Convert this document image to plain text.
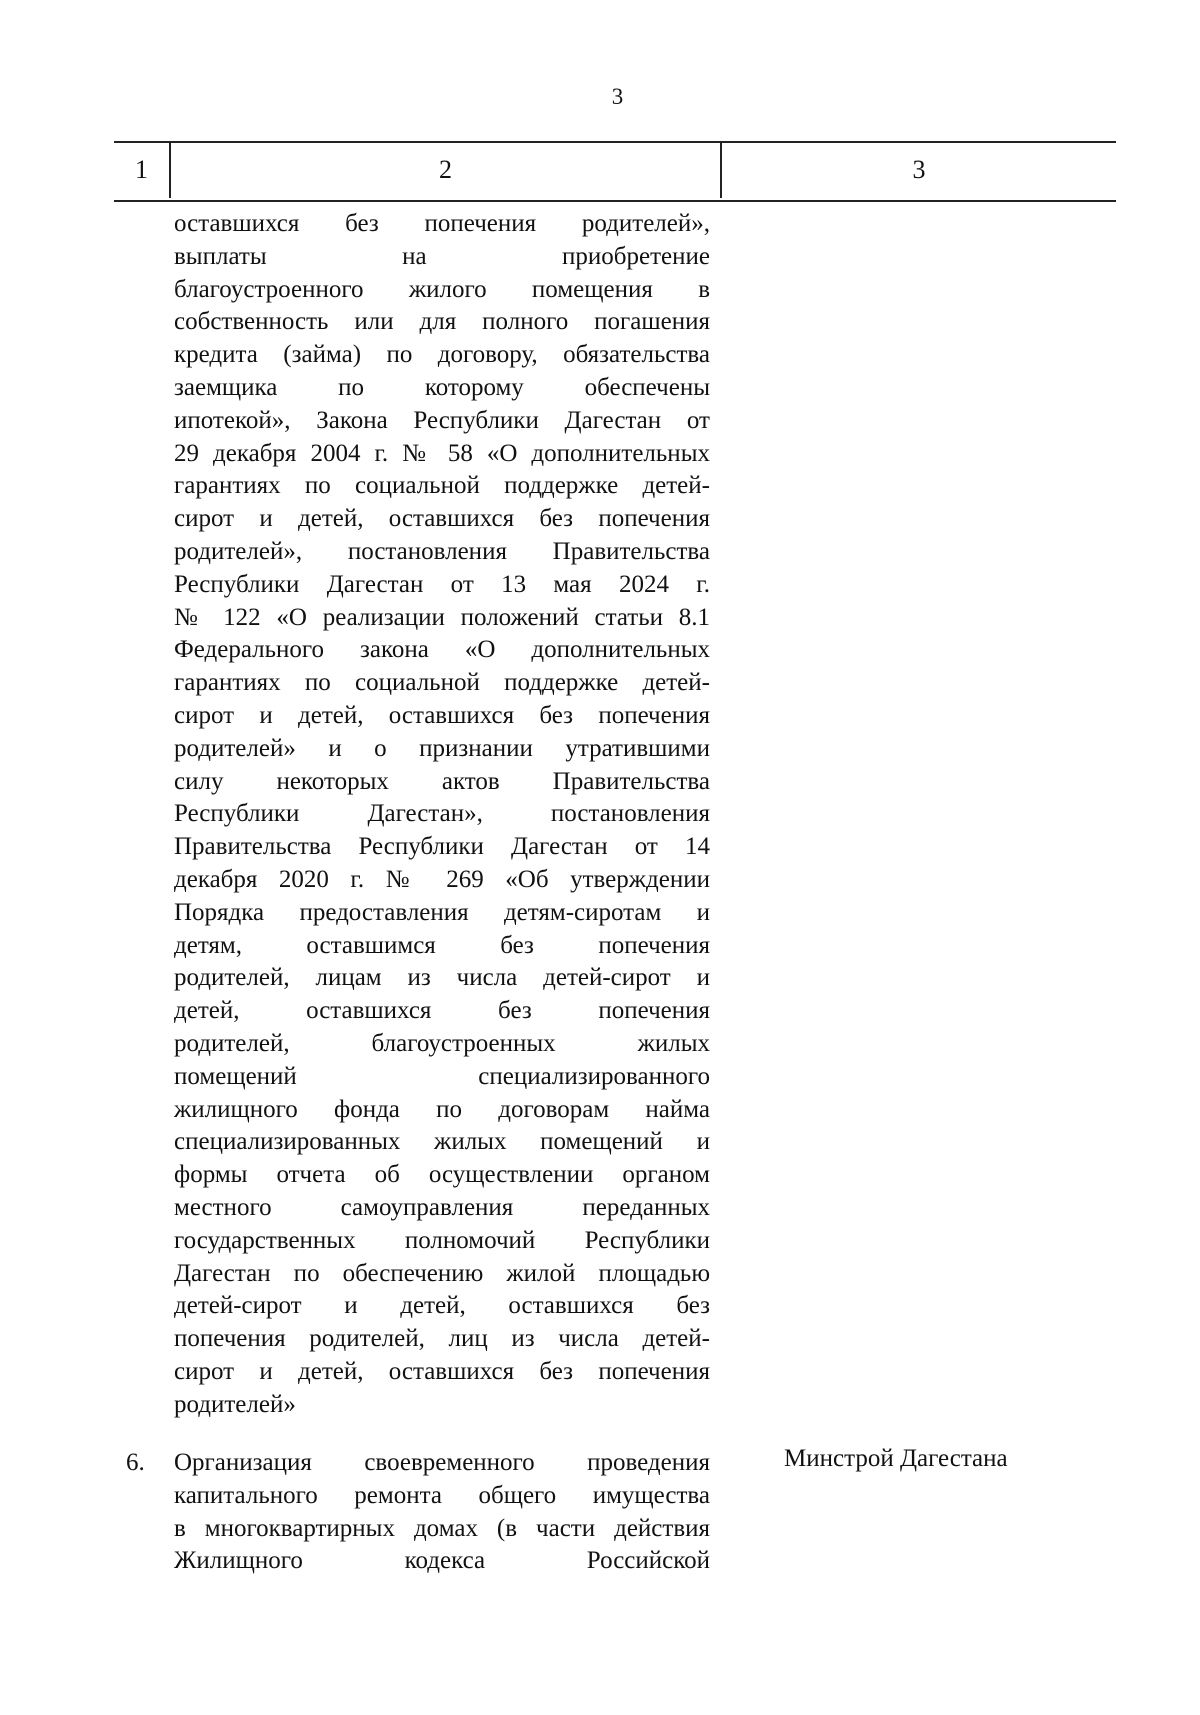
3
1	2	3
оставшихся без попечения родителей»,
выплаты на приобретение
благоустроенного жилого помещения в
собственность или для полного погашения
кредита (займа) по договору, обязательства
заемщика по которому обеспечены
ипотекой», Закона Республики Дагестан от
29 декабря 2004 г. № 58 «О дополнительных
гарантиях по социальной поддержке детей-
сирот и детей, оставшихся без попечения
родителей», постановления Правительства
Республики Дагестан от 13 мая 2024 г.
№ 122 «О реализации положений статьи 8.1
Федерального закона «О дополнительных
гарантиях по социальной поддержке детей-
сирот и детей, оставшихся без попечения
родителей» и о признании утратившими
силу некоторых актов Правительства
Республики Дагестан», постановления
Правительства Республики Дагестан от 14
декабря 2020 г. № 269 «Об утверждении
Порядка предоставления детям-сиротам и
детям, оставшимся без попечения
родителей, лицам из числа детей-сирот и
детей, оставшихся без попечения
родителей, благоустроенных жилых
помещений специализированного
жилищного фонда по договорам найма
специализированных жилых помещений и
формы отчета об осуществлении органом
местного самоуправления переданных
государственных полномочий Республики
Дагестан по обеспечению жилой площадью
детей-сирот и детей, оставшихся без
попечения родителей, лиц из числа детей-
сирот и детей, оставшихся без попечения
родителей»
6. Организация своевременного проведения
капитального ремонта общего имущества
в многоквартирных домах (в части действия
Жилищного кодекса Российской
Минстрой Дагестана
